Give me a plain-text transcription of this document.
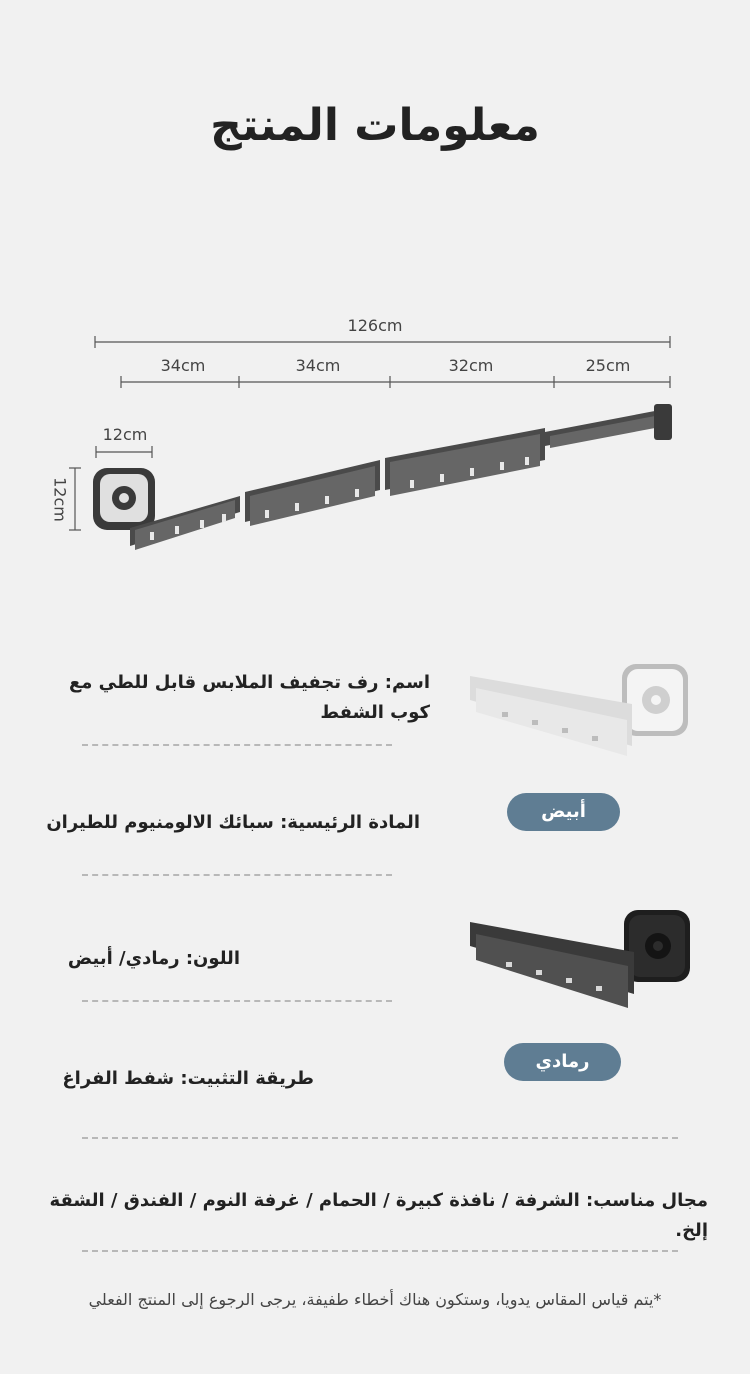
معلومات المنتج
126cm
34cm	34cm	32cm	25cm
12cm
12cm
اسم: رف تجفيف الملابس قابل للطي مع كوب الشفط
المادة الرئيسية: سبائك الالومنيوم للطيران
اللون: رمادي/ أبيض
طريقة التثبيت: شفط الفراغ
مجال مناسب: الشرفة / نافذة كبيرة / الحمام / غرفة النوم / الفندق / الشقة إلخ.
أبيض
رمادي
*يتم قياس المقاس يدويا، وستكون هناك أخطاء طفيفة، يرجى الرجوع إلى المنتج الفعلي
